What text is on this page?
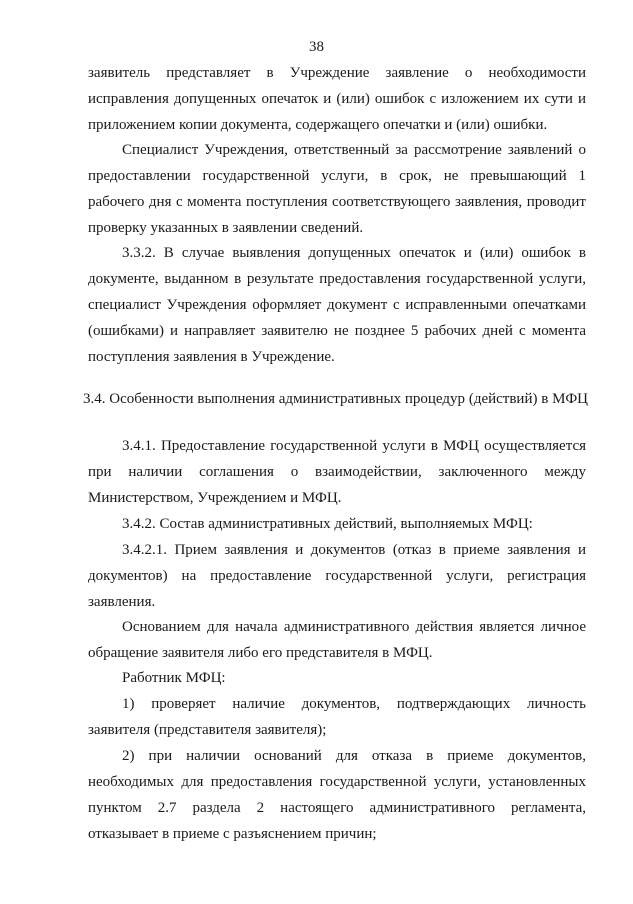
38
заявитель представляет в Учреждение заявление о необходимости
исправления допущенных опечаток и (или) ошибок с изложением их сути и
приложением копии документа, содержащего опечатки и (или) ошибки.
Специалист Учреждения, ответственный за рассмотрение заявлений о
предоставлении государственной услуги, в срок, не превышающий 1
рабочего дня с момента поступления соответствующего заявления, проводит
проверку указанных в заявлении сведений.
3.3.2. В случае выявления допущенных опечаток и (или) ошибок в
документе, выданном в результате предоставления государственной услуги,
специалист Учреждения оформляет документ с исправленными опечатками
(ошибками) и направляет заявителю не позднее 5 рабочих дней с момента
поступления заявления в Учреждение.
3.4. Особенности выполнения административных процедур (действий) в МФЦ
3.4.1. Предоставление государственной услуги в МФЦ осуществляется
при наличии соглашения о взаимодействии, заключенного между
Министерством, Учреждением и МФЦ.
3.4.2. Состав административных действий, выполняемых МФЦ:
3.4.2.1. Прием заявления и документов (отказ в приеме заявления и
документов) на предоставление государственной услуги, регистрация
заявления.
Основанием для начала административного действия является личное
обращение заявителя либо его представителя в МФЦ.
Работник МФЦ:
1) проверяет наличие документов, подтверждающих личность
заявителя (представителя заявителя);
2) при наличии оснований для отказа в приеме документов,
необходимых для предоставления государственной услуги, установленных
пунктом 2.7 раздела 2 настоящего административного регламента,
отказывает в приеме с разъяснением причин;
